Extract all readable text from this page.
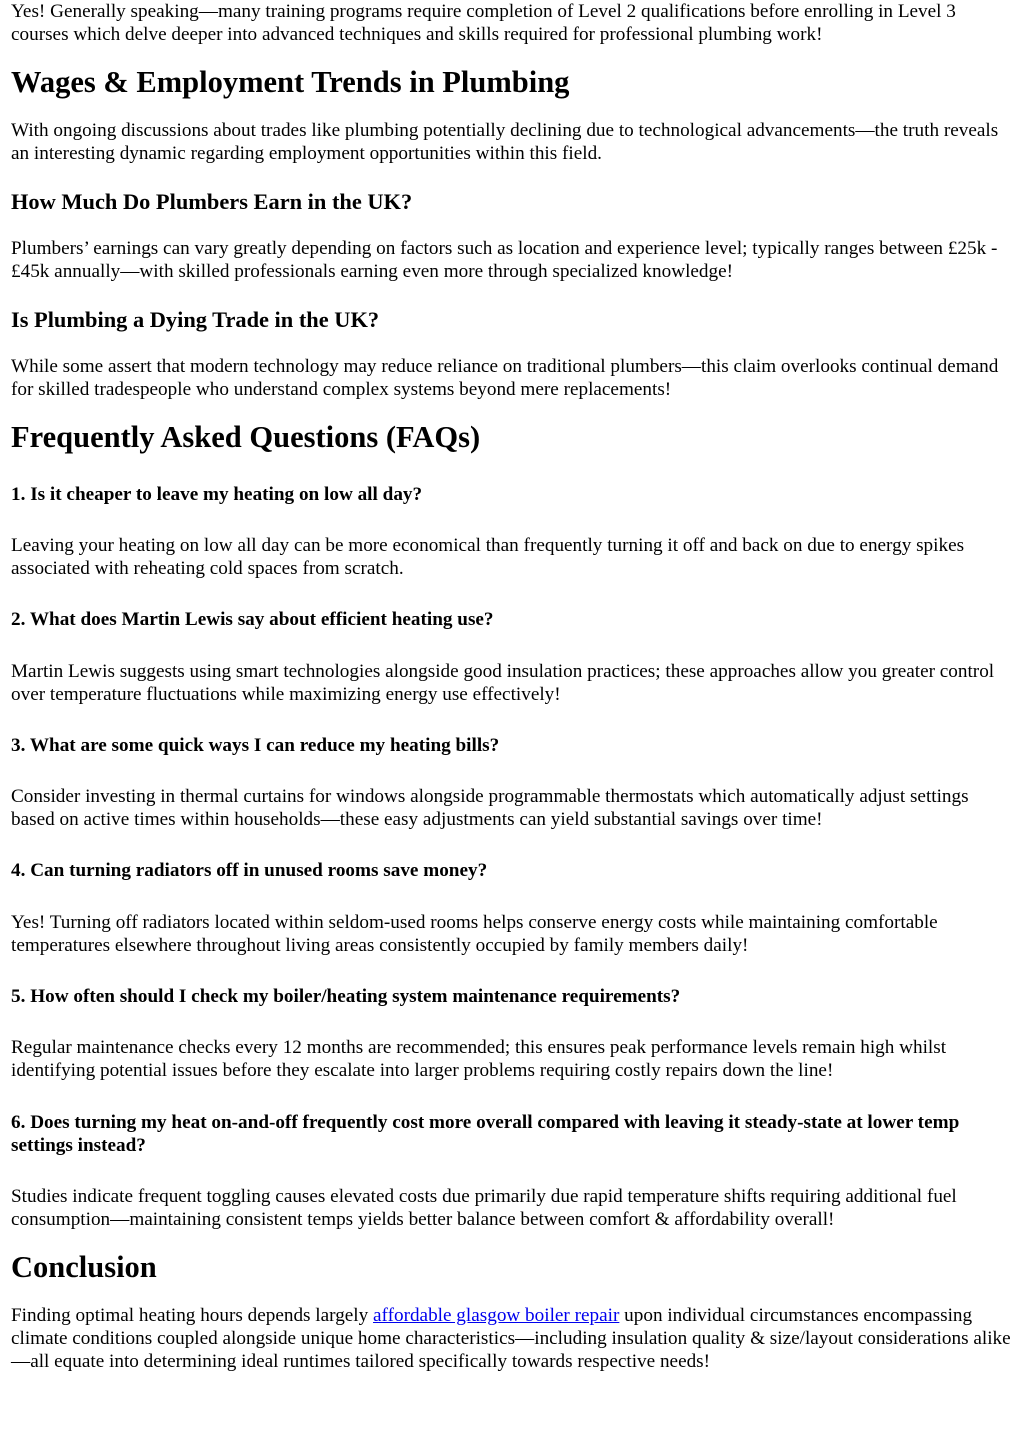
Yes! Generally speaking—many training programs require completion of Level 2 qualifications before enrolling in Level 3 courses which delve deeper into advanced techniques and skills required for professional plumbing work!

Wages & Employment Trends in Plumbing

With ongoing discussions about trades like plumbing potentially declining due to technological advancements—the truth reveals an interesting dynamic regarding employment opportunities within this field.

How Much Do Plumbers Earn in the UK?

Plumbers’ earnings can vary greatly depending on factors such as location and experience level; typically ranges between £25k - £45k annually—with skilled professionals earning even more through specialized knowledge!

Is Plumbing a Dying Trade in the UK?

While some assert that modern technology may reduce reliance on traditional plumbers—this claim overlooks continual demand for skilled tradespeople who understand complex systems beyond mere replacements!

Frequently Asked Questions (FAQs)
1. Is it cheaper to leave my heating on low all day?

Leaving your heating on low all day can be more economical than frequently turning it off and back on due to energy spikes associated with reheating cold spaces from scratch.

2. What does Martin Lewis say about efficient heating use?

Martin Lewis suggests using smart technologies alongside good insulation practices; these approaches allow you greater control over temperature fluctuations while maximizing energy use effectively!

3. What are some quick ways I can reduce my heating bills?

Consider investing in thermal curtains for windows alongside programmable thermostats which automatically adjust settings based on active times within households—these easy adjustments can yield substantial savings over time!

4. Can turning radiators off in unused rooms save money?

Yes! Turning off radiators located within seldom-used rooms helps conserve energy costs while maintaining comfortable temperatures elsewhere throughout living areas consistently occupied by family members daily!

5. How often should I check my boiler/heating system maintenance requirements?

Regular maintenance checks every 12 months are recommended; this ensures peak performance levels remain high whilst identifying potential issues before they escalate into larger problems requiring costly repairs down the line!

6. Does turning my heat on-and-off frequently cost more overall compared with leaving it steady-state at lower temp settings instead?

Studies indicate frequent toggling causes elevated costs due primarily due rapid temperature shifts requiring additional fuel consumption—maintaining consistent temps yields better balance between comfort & affordability overall!

Conclusion

Finding optimal heating hours depends largely affordable glasgow boiler repair upon individual circumstances encompassing climate conditions coupled alongside unique home characteristics—including insulation quality & size/layout considerations alike—all equate into determining ideal runtimes tailored specifically towards respective needs!
